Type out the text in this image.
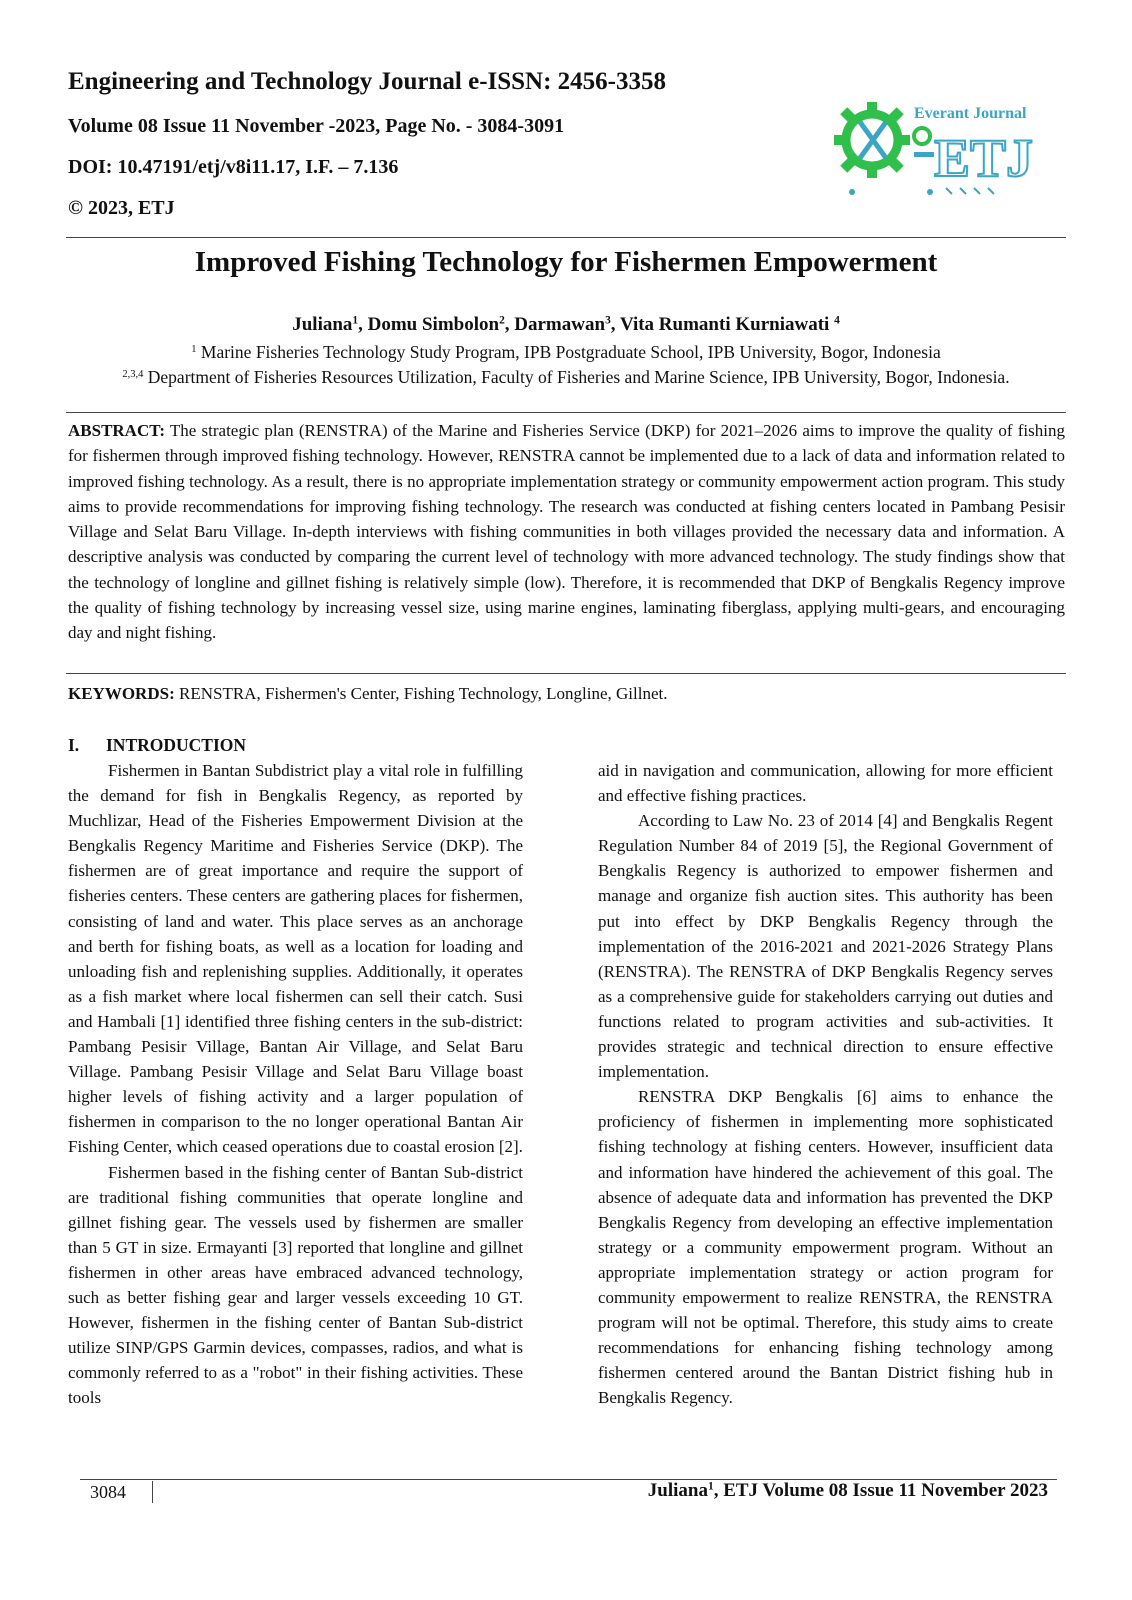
Engineering and Technology Journal e-ISSN: 2456-3358

Volume 08 Issue 11 November -2023, Page No. - 3084-3091

DOI: 10.47191/etj/v8i11.17, I.F. – 7.136

© 2023, ETJ

Everant Journal
ETJ
Improved Fishing Technology for Fishermen Empowerment

Juliana$^1$, Domu Simbolon$^2$, Darmawan$^3$, Vita Rumanti Kurniawati $^4$

$^1$ Marine Fisheries Technology Study Program, IPB Postgraduate School, IPB University, Bogor, Indonesia

$^{2,3,4}$ Department of Fisheries Resources Utilization, Faculty of Fisheries and Marine Science, IPB University, Bogor, Indonesia.

ABSTRACT: The strategic plan (RENSTRA) of the Marine and Fisheries Service (DKP) for 2021–2026 aims to improve the quality of fishing for fishermen through improved fishing technology. However, RENSTRA cannot be implemented due to a lack of data and information related to improved fishing technology. As a result, there is no appropriate implementation strategy or community empowerment action program. This study aims to provide recommendations for improving fishing technology. The research was conducted at fishing centers located in Pambang Pesisir Village and Selat Baru Village. In-depth interviews with fishing communities in both villages provided the necessary data and information. A descriptive analysis was conducted by comparing the current level of technology with more advanced technology. The study findings show that the technology of longline and gillnet fishing is relatively simple (low). Therefore, it is recommended that DKP of Bengkalis Regency improve the quality of fishing technology by increasing vessel size, using marine engines, laminating fiberglass, applying multi-gears, and encouraging day and night fishing.

KEYWORDS: RENSTRA, Fishermen's Center, Fishing Technology, Longline, Gillnet.

I. INTRODUCTION

Fishermen in Bantan Subdistrict play a vital role in fulfilling the demand for fish in Bengkalis Regency, as reported by Muchlizar, Head of the Fisheries Empowerment Division at the Bengkalis Regency Maritime and Fisheries Service (DKP). The fishermen are of great importance and require the support of fisheries centers. These centers are gathering places for fishermen, consisting of land and water. This place serves as an anchorage and berth for fishing boats, as well as a location for loading and unloading fish and replenishing supplies. Additionally, it operates as a fish market where local fishermen can sell their catch. Susi and Hambali [1] identified three fishing centers in the sub-district: Pambang Pesisir Village, Bantan Air Village, and Selat Baru Village. Pambang Pesisir Village and Selat Baru Village boast higher levels of fishing activity and a larger population of fishermen in comparison to the no longer operational Bantan Air Fishing Center, which ceased operations due to coastal erosion [2].

Fishermen based in the fishing center of Bantan Sub-district are traditional fishing communities that operate longline and gillnet fishing gear. The vessels used by fishermen are smaller than 5 GT in size. Ermayanti [3] reported that longline and gillnet fishermen in other areas have embraced advanced technology, such as better fishing gear and larger vessels exceeding 10 GT. However, fishermen in the fishing center of Bantan Sub-district utilize SINP/GPS Garmin devices, compasses, radios, and what is commonly referred to as a "robot" in their fishing activities. These tools

aid in navigation and communication, allowing for more efficient and effective fishing practices.

According to Law No. 23 of 2014 [4] and Bengkalis Regent Regulation Number 84 of 2019 [5], the Regional Government of Bengkalis Regency is authorized to empower fishermen and manage and organize fish auction sites. This authority has been put into effect by DKP Bengkalis Regency through the implementation of the 2016-2021 and 2021-2026 Strategy Plans (RENSTRA). The RENSTRA of DKP Bengkalis Regency serves as a comprehensive guide for stakeholders carrying out duties and functions related to program activities and sub-activities. It provides strategic and technical direction to ensure effective implementation.

RENSTRA DKP Bengkalis [6] aims to enhance the proficiency of fishermen in implementing more sophisticated fishing technology at fishing centers. However, insufficient data and information have hindered the achievement of this goal. The absence of adequate data and information has prevented the DKP Bengkalis Regency from developing an effective implementation strategy or a community empowerment program. Without an appropriate implementation strategy or action program for community empowerment to realize RENSTRA, the RENSTRA program will not be optimal. Therefore, this study aims to create recommendations for enhancing fishing technology among fishermen centered around the Bantan District fishing hub in Bengkalis Regency.

3084	Juliana$^1$, ETJ Volume 08 Issue 11 November 2023
